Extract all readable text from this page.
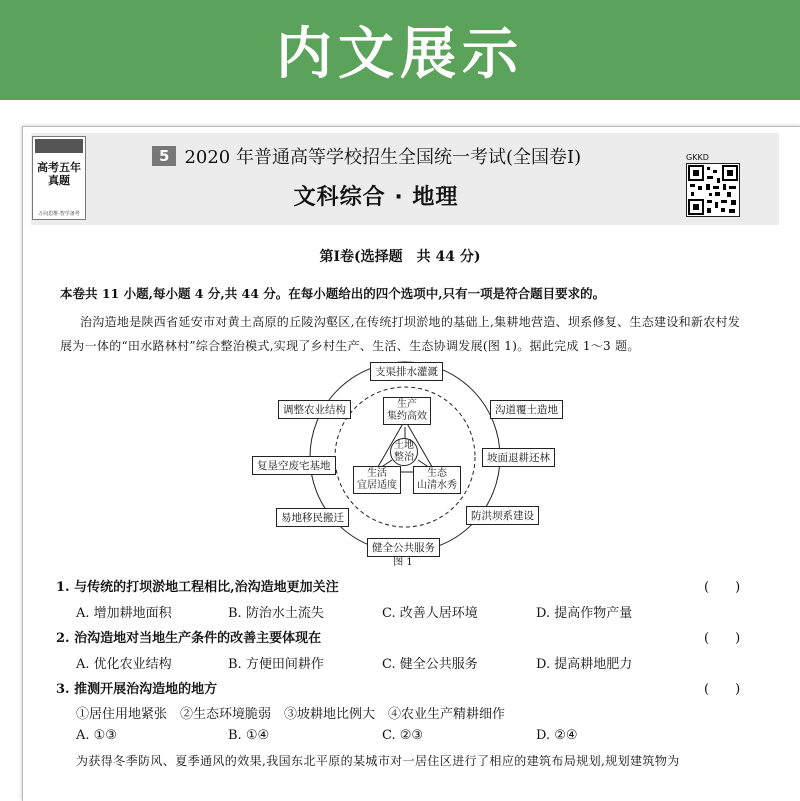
内文展示
高考五年真题
万向思维·智学备考
5 2020 年普通高等学校招生全国统一考试(全国卷Ⅰ)
文科综合 · 地理
GKKD
第Ⅰ卷(选择题　共 44 分)
本卷共 11 小题,每小题 4 分,共 44 分。在每小题给出的四个选项中,只有一项是符合题目要求的。
治沟造地是陕西省延安市对黄土高原的丘陵沟壑区,在传统打坝淤地的基础上,集耕地营造、坝系修复、生态建设和新农村发展为一体的“田水路林村”综合整治模式,实现了乡村生产、生活、生态协调发展(图 1)。据此完成 1～3 题。
支渠排水灌溉
沟道覆土造地
坡面退耕还林
防洪坝系建设
健全公共服务
易地移民搬迁
复垦空废宅基地
调整农业结构	生产
集约高效
土地
整治
生活
宜居适度
生态
山清水秀
图 1
1. 与传统的打坝淤地工程相比,治沟造地更加关注	(　　)
A. 增加耕地面积	B. 防治水土流失	C. 改善人居环境	D. 提高作物产量
2. 治沟造地对当地生产条件的改善主要体现在	(　　)
A. 优化农业结构	B. 方便田间耕作	C. 健全公共服务	D. 提高耕地肥力
3. 推测开展治沟造地的地方	(　　)
①居住用地紧张　②生态环境脆弱　③坡耕地比例大　④农业生产精耕细作
A. ①③	B. ①④	C. ②③	D. ②④
为获得冬季防风、夏季通风的效果,我国东北平原的某城市对一居住区进行了相应的建筑布局规划,规划建筑物为
